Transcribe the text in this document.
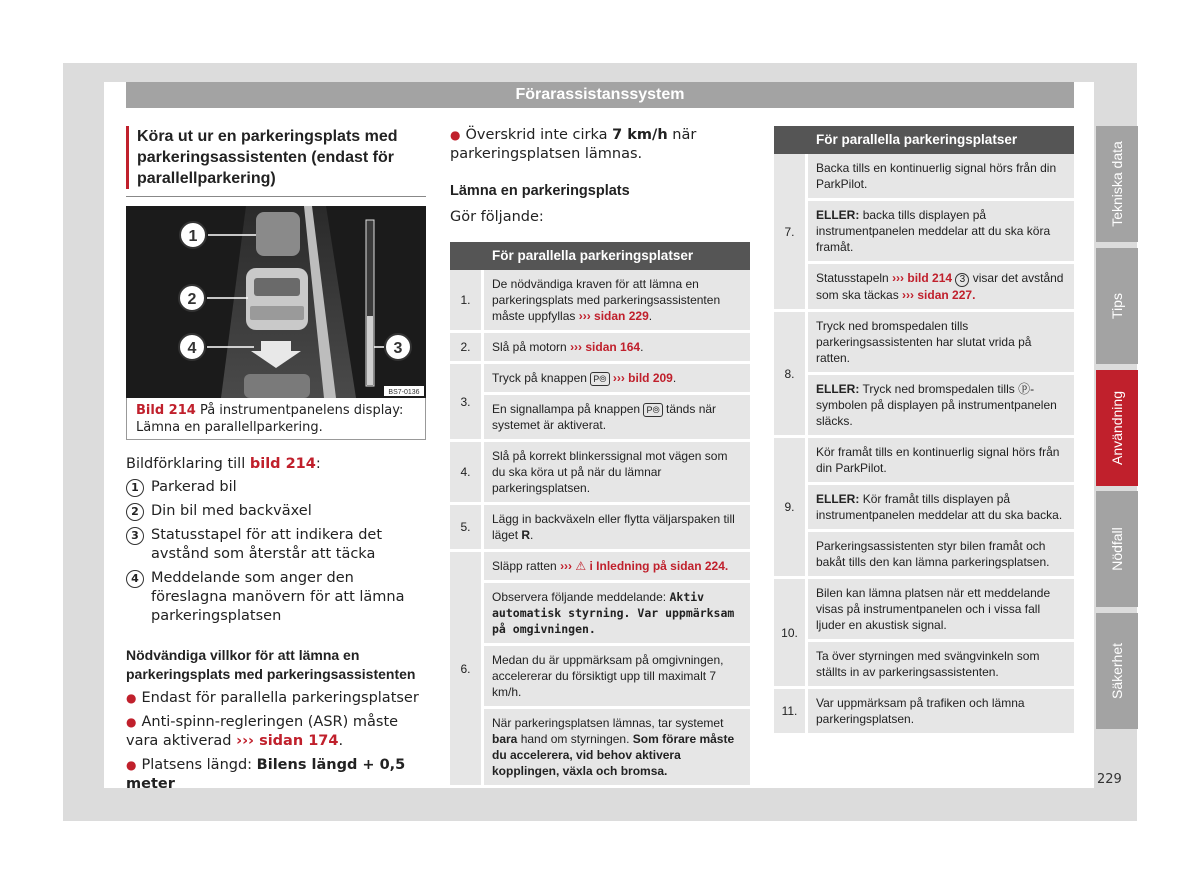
Förarassistanssystem
Tekniska data
Tips
Användning
Nödfall
Säkerhet
229
Köra ut ur en parkeringsplats med parkeringsassistenten (endast för parallellparkering)
1
2
4	3
BS7-0136
Bild 214 På instrumentpanelens display: Lämna en parallellparkering.
Bildförklaring till bild 214:
1 Parkerad bil
2 Din bil med backväxel
3 Statusstapel för att indikera det avstånd som återstår att täcka
4 Meddelande som anger den föreslagna manövern för att lämna parkeringsplatsen
Nödvändiga villkor för att lämna en parkeringsplats med parkeringsassistenten
● Endast för parallella parkeringsplatser
● Anti-spinn-regleringen (ASR) måste vara aktiverad ››› sidan 174.
● Platsens längd: Bilens längd + 0,5 meter
● Överskrid inte cirka 7 km/h när parkeringsplatsen lämnas.
Lämna en parkeringsplats
Gör följande:
	För parallella parkeringsplatser
1.	De nödvändiga kraven för att lämna en parkeringsplats med parkeringsassistenten måste uppfyllas ››› sidan 229.
2.	Slå på motorn ››› sidan 164.
3.	Tryck på knappen P⦾ ››› bild 209.
	En signallampa på knappen P⦾ tänds när systemet är aktiverat.
4.	Slå på korrekt blinkerssignal mot vägen som du ska köra ut på när du lämnar parkeringsplatsen.
5.	Lägg in backväxeln eller flytta väljarspaken till läget R.
6.	Släpp ratten ››› ⚠ i Inledning på sidan 224.
	Observera följande meddelande: Aktiv automatisk styrning. Var uppmärksam på omgivningen.
	Medan du är uppmärksam på omgivningen, accelererar du försiktigt upp till maximalt 7 km/h.
	När parkeringsplatsen lämnas, tar systemet bara hand om styrningen. Som förare måste du accelerera, vid behov aktivera kopplingen, växla och bromsa.
	För parallella parkeringsplatser
7.	Backa tills en kontinuerlig signal hörs från din ParkPilot.
	ELLER: backa tills displayen på instrumentpanelen meddelar att du ska köra framåt.
	Statusstapeln ››› bild 214 3 visar det avstånd som ska täckas ››› sidan 227.
8.	Tryck ned bromspedalen tills parkeringsassistenten har slutat vrida på ratten.
	ELLER: Tryck ned bromspedalen tills ⓟ-symbolen på displayen på instrumentpanelen släcks.
9.	Kör framåt tills en kontinuerlig signal hörs från din ParkPilot.
	ELLER: Kör framåt tills displayen på instrumentpanelen meddelar att du ska backa.
	Parkeringsassistenten styr bilen framåt och bakåt tills den kan lämna parkeringsplatsen.
10.	Bilen kan lämna platsen när ett meddelande visas på instrumentpanelen och i vissa fall ljuder en akustisk signal.
	Ta över styrningen med svängvinkeln som ställts in av parkeringsassistenten.
11.	Var uppmärksam på trafiken och lämna parkeringsplatsen.
